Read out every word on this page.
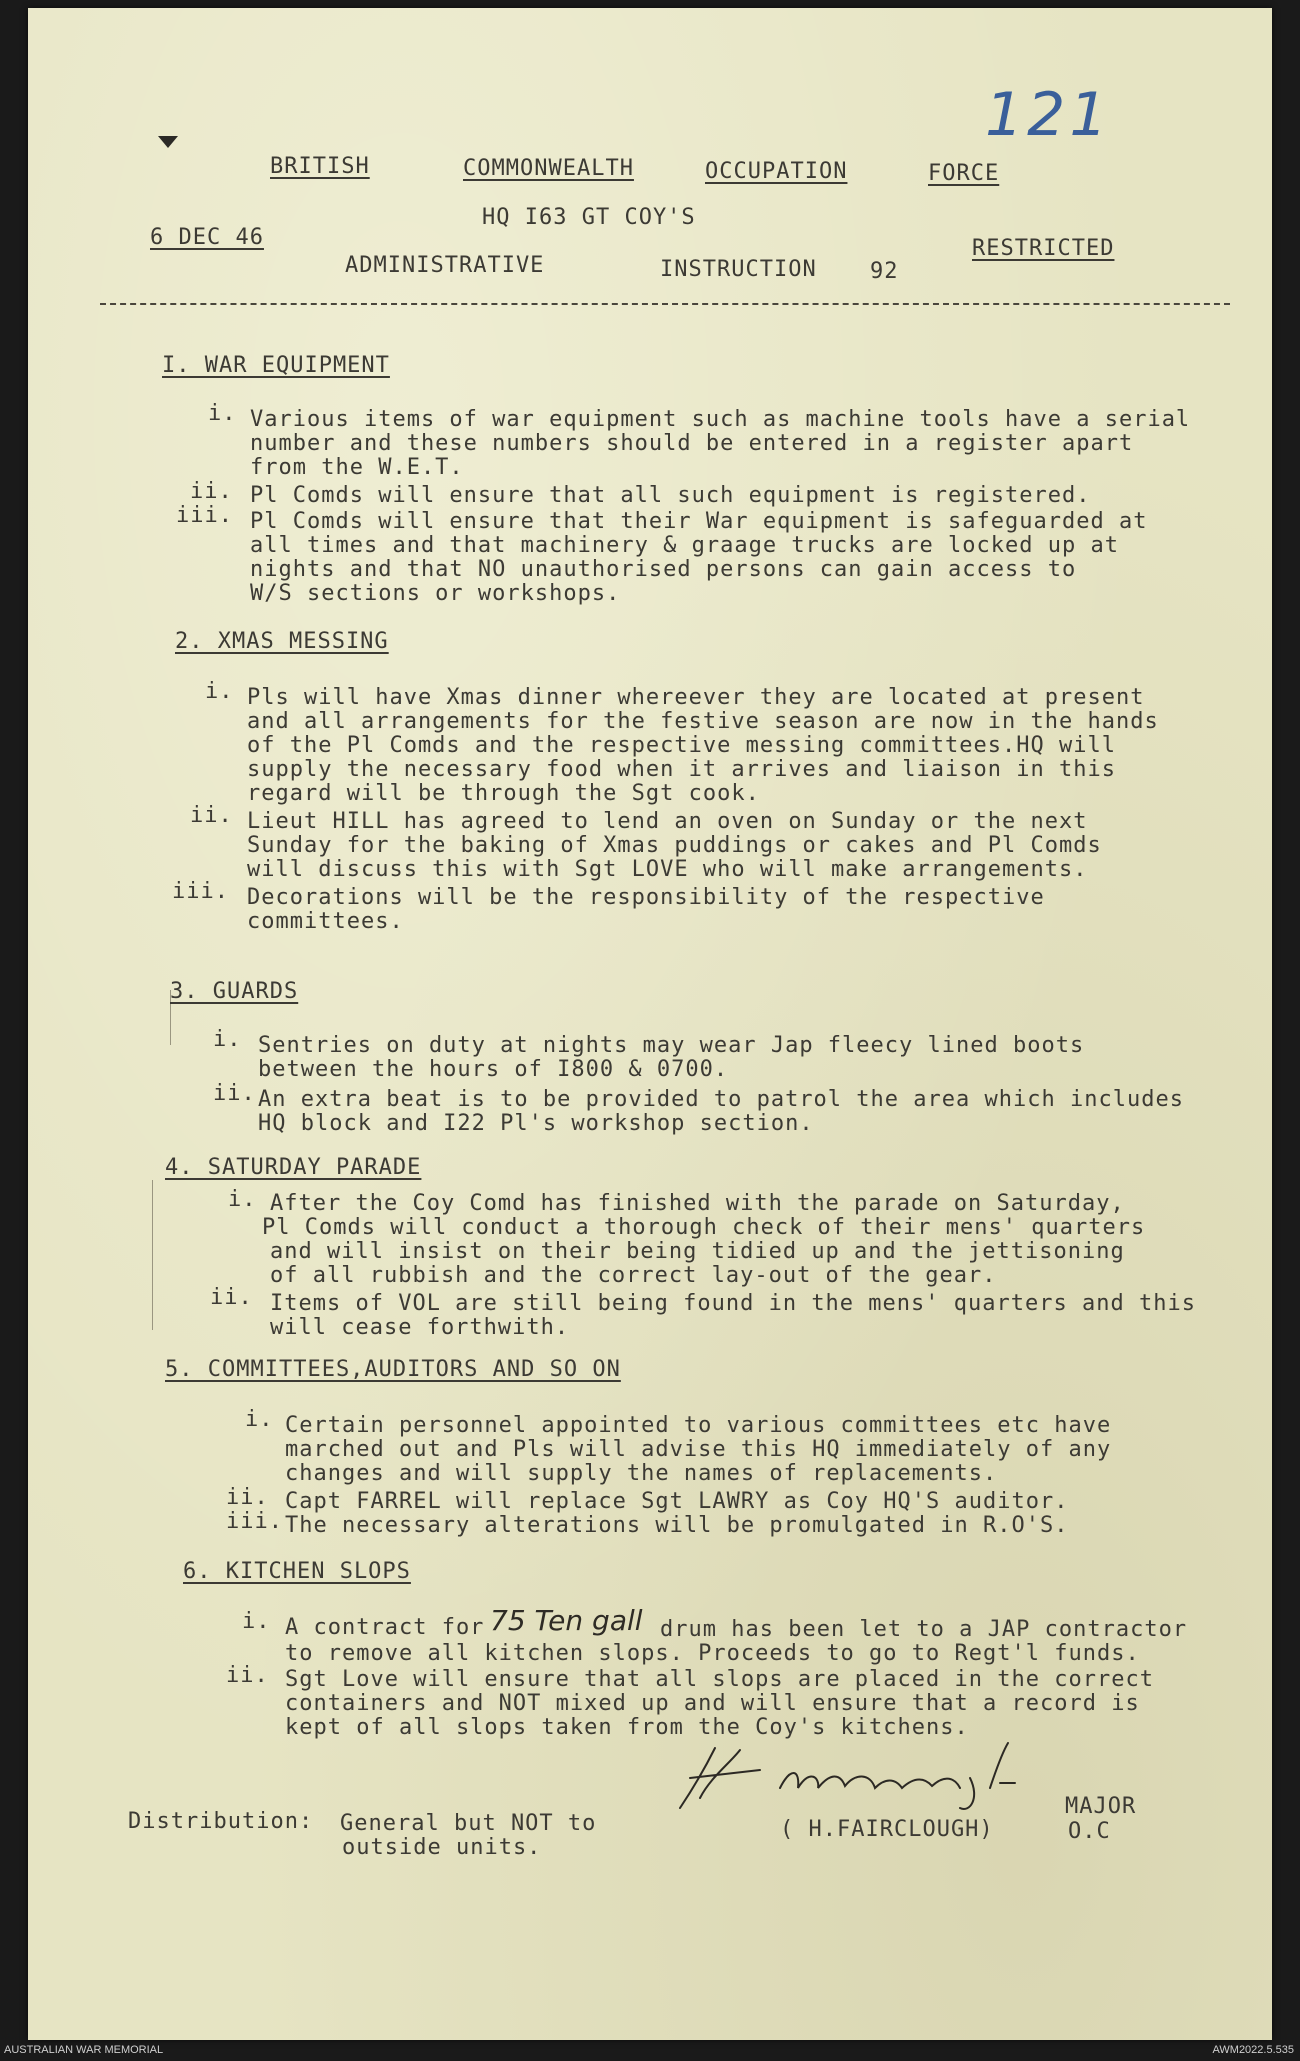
121
BRITISH	COMMONWEALTH	OCCUPATION	FORCE
HQ I63 GT COY'S
6 DEC 46	RESTRICTED
ADMINISTRATIVE	INSTRUCTION 92
I. WAR EQUIPMENT
i. Various items of war equipment such as machine tools have a serial
number and these numbers should be entered in a register apart
from the W.E.T.
ii. Pl Comds will ensure that all such equipment is registered.
iii. Pl Comds will ensure that their War equipment is safeguarded at
all times and that machinery & graage trucks are locked up at
nights and that NO unauthorised persons can gain access to
W/S sections or workshops.
2. XMAS MESSING
i. Pls will have Xmas dinner whereever they are located at present
and all arrangements for the festive season are now in the hands
of the Pl Comds and the respective messing committees.HQ will
supply the necessary food when it arrives and liaison in this
regard will be through the Sgt cook.
ii. Lieut HILL has agreed to lend an oven on Sunday or the next
Sunday for the baking of Xmas puddings or cakes and Pl Comds
will discuss this with Sgt LOVE who will make arrangements.
iii. Decorations will be the responsibility of the respective
committees.
3. GUARDS
i. Sentries on duty at nights may wear Jap fleecy lined boots
between the hours of I800 & 0700.
ii. An extra beat is to be provided to patrol the area which includes
HQ block and I22 Pl's workshop section.
4. SATURDAY PARADE
i. After the Coy Comd has finished with the parade on Saturday,
Pl Comds will conduct a thorough check of their mens' quarters
and will insist on their being tidied up and the jettisoning
of all rubbish and the correct lay-out of the gear.
ii. Items of VOL are still being found in the mens' quarters and this
will cease forthwith.
5. COMMITTEES,AUDITORS AND SO ON
i. Certain personnel appointed to various committees etc have
marched out and Pls will advise this HQ immediately of any
changes and will supply the names of replacements.
ii. Capt FARREL will replace Sgt LAWRY as Coy HQ'S auditor.
iii. The necessary alterations will be promulgated in R.O'S.
6. KITCHEN SLOPS
i. A contract for 75 Ten gall drum has been let to a JAP contractor
to remove all kitchen slops. Proceeds to go to Regt'l funds.
ii. Sgt Love will ensure that all slops are placed in the correct
containers and NOT mixed up and will ensure that a record is
kept of all slops taken from the Coy's kitchens.
MAJOR
( H.FAIRCLOUGH)	O.C
Distribution: General but NOT to
outside units.
AUSTRALIAN WAR MEMORIAL	AWM2022.5.535
